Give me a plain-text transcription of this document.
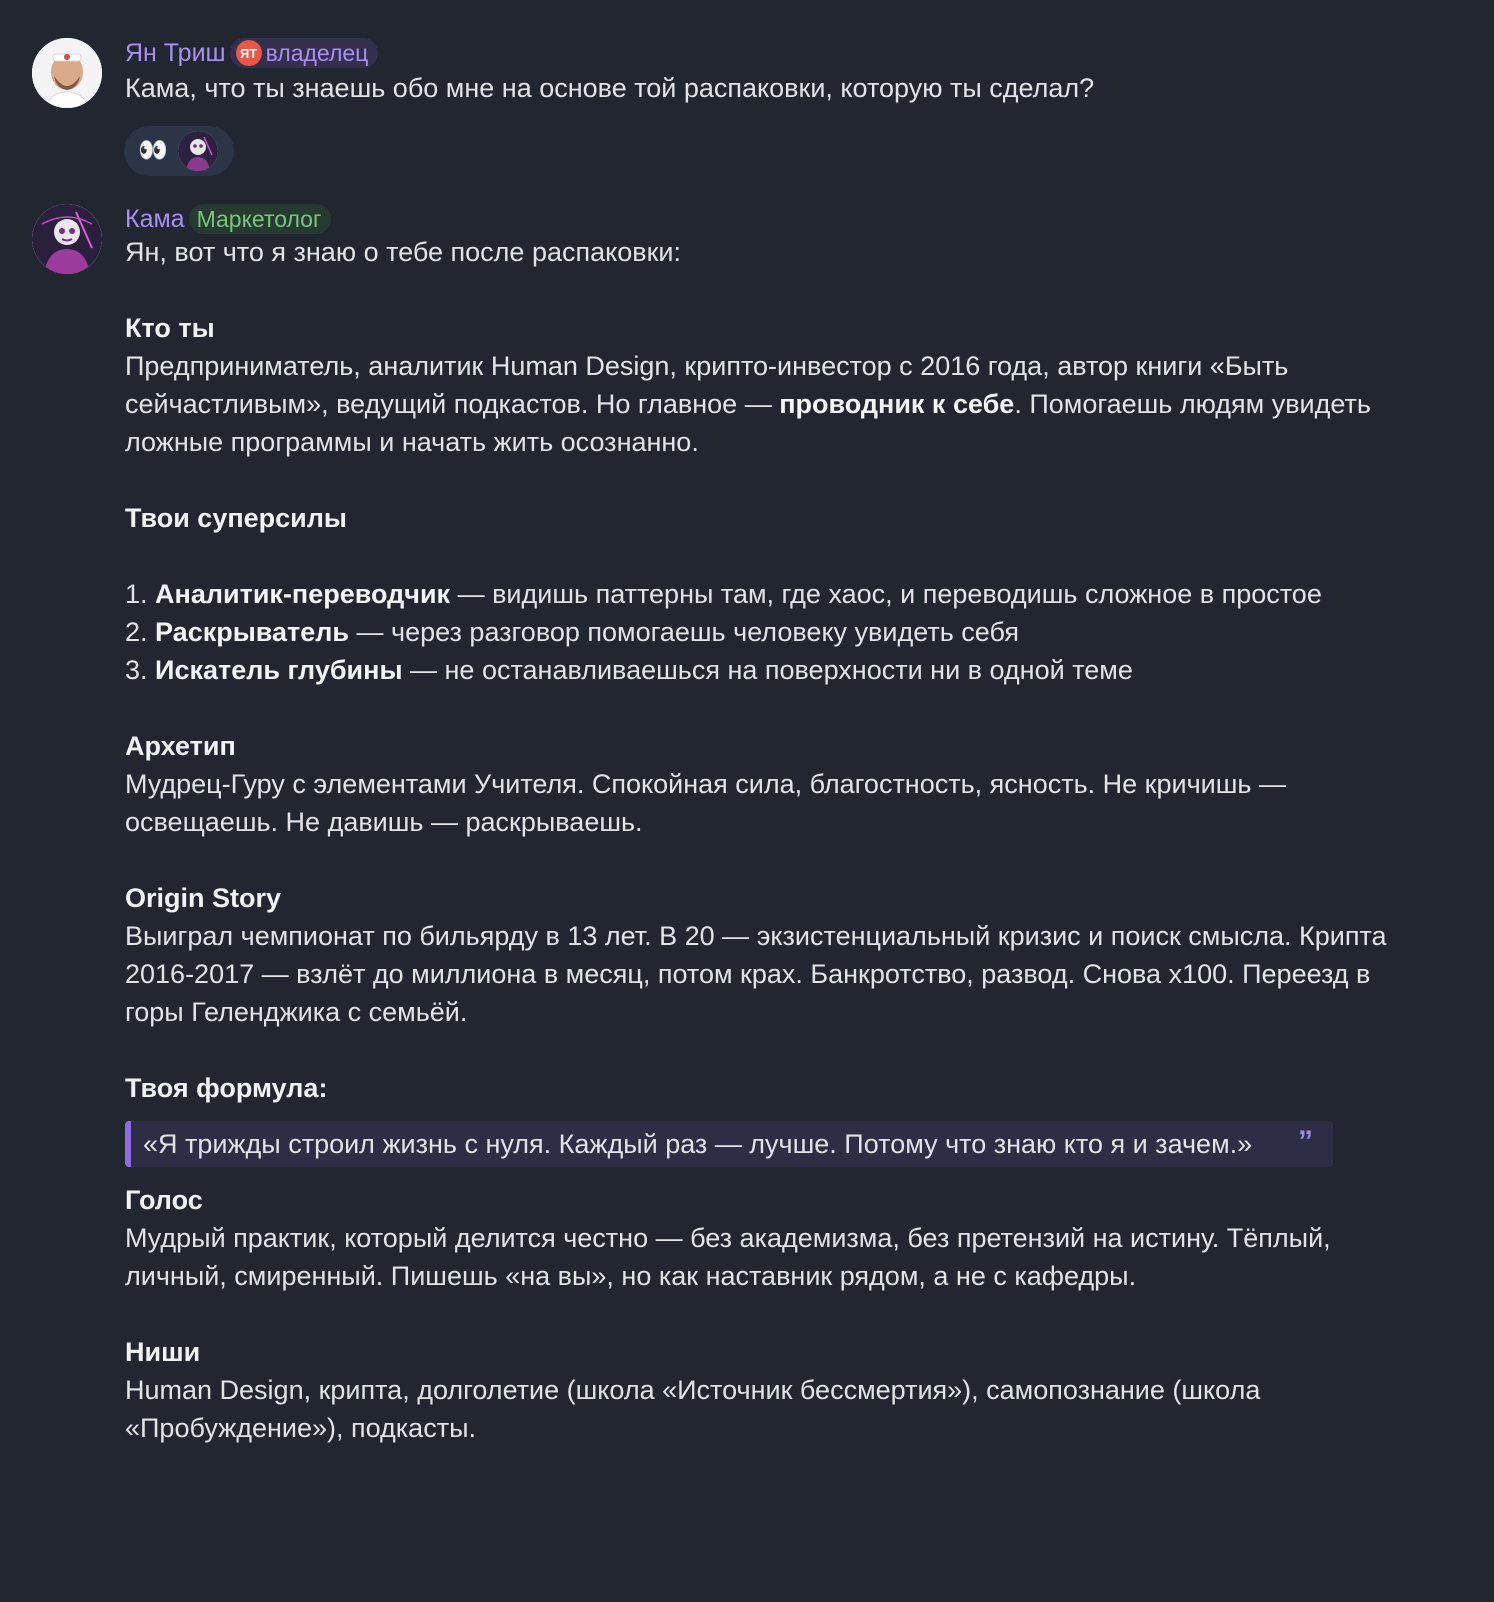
Ян Триш	ЯТ владелец

Кама, что ты знаешь обо мне на основе той распаковки, которую ты сделал?

👀
Кама Маркетолог

Ян, вот что я знаю о тебе после распаковки:

Кто ты

Предприниматель, аналитик Human Design, крипто-инвестор с 2016 года, автор книги «Быть сейчастливым», ведущий подкастов. Но главное — проводник к себе. Помогаешь людям увидеть ложные программы и начать жить осознанно.

Твои суперсилы

1. Аналитик-переводчик — видишь паттерны там, где хаос, и переводишь сложное в простое

2. Раскрыватель — через разговор помогаешь человеку увидеть себя

3. Искатель глубины — не останавливаешься на поверхности ни в одной теме

Архетип

Мудрец-Гуру с элементами Учителя. Спокойная сила, благостность, ясность. Не кричишь — освещаешь. Не давишь — раскрываешь.

Origin Story

Выиграл чемпионат по бильярду в 13 лет. В 20 — экзистенциальный кризис и поиск смысла. Крипта 2016-2017 — взлёт до миллиона в месяц, потом крах. Банкротство, развод. Снова x100. Переезд в горы Геленджика с семьёй.

Твоя формула:

«Я трижды строил жизнь с нуля. Каждый раз — лучше. Потому что знаю кто я и зачем.»	”

Голос

Мудрый практик, который делится честно — без академизма, без претензий на истину. Тёплый, личный, смиренный. Пишешь «на вы», но как наставник рядом, а не с кафедры.

Ниши

Human Design, крипта, долголетие (школа «Источник бессмертия»), самопознание (школа «Пробуждение»), подкасты.
